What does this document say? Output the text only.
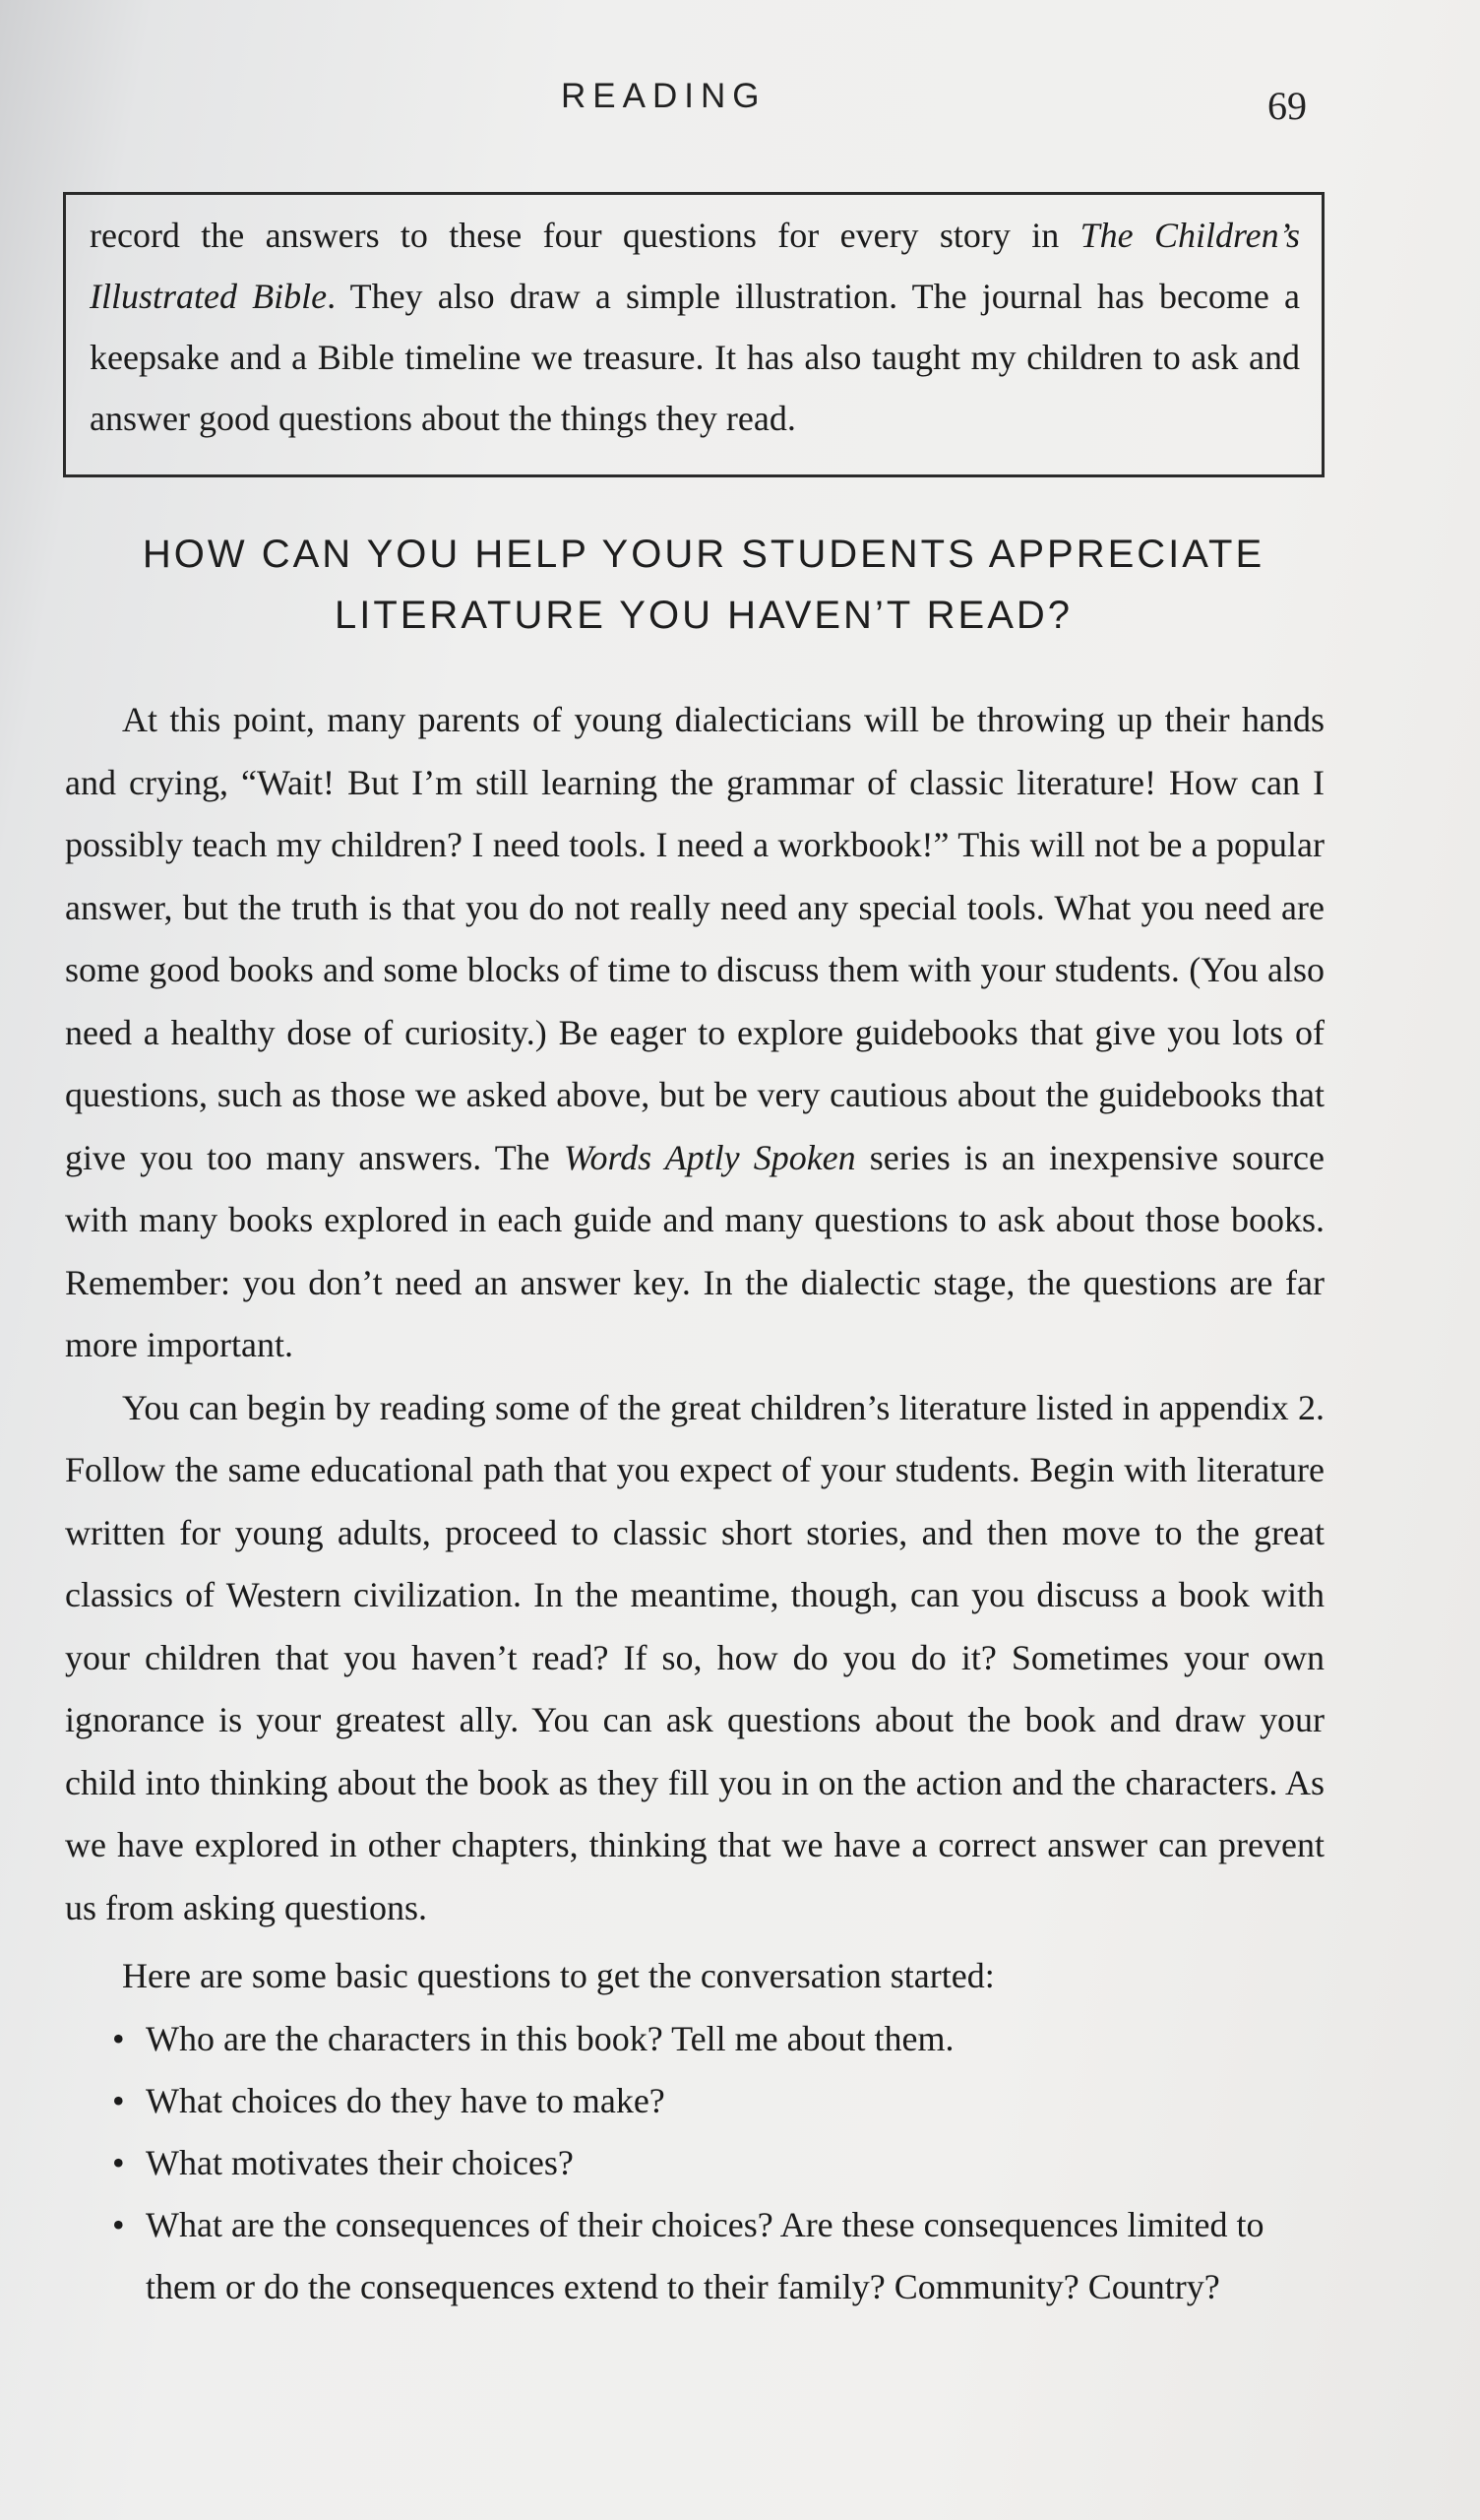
READING	69

record the answers to these four questions for every story in The Children’s Illustrated Bible. They also draw a simple illustration. The journal has become a keepsake and a Bible timeline we treasure. It has also taught my children to ask and answer good questions about the things they read.

HOW CAN YOU HELP YOUR STUDENTS APPRECIATE
LITERATURE YOU HAVEN’T READ?

At this point, many parents of young dialecticians will be throwing up their hands and crying, “Wait! But I’m still learning the grammar of classic literature! How can I possibly teach my children? I need tools. I need a workbook!” This will not be a popular answer, but the truth is that you do not really need any special tools. What you need are some good books and some blocks of time to discuss them with your students. (You also need a healthy dose of curiosity.) Be eager to explore guidebooks that give you lots of questions, such as those we asked above, but be very cautious about the guidebooks that give you too many answers. The Words Aptly Spoken series is an inexpensive source with many books explored in each guide and many questions to ask about those books. Remember: you don’t need an answer key. In the dialectic stage, the questions are far more important.

You can begin by reading some of the great children’s literature listed in appendix 2. Follow the same educational path that you expect of your students. Begin with literature written for young adults, proceed to classic short stories, and then move to the great classics of Western civilization. In the meantime, though, can you discuss a book with your children that you haven’t read? If so, how do you do it? Sometimes your own ignorance is your greatest ally. You can ask questions about the book and draw your child into thinking about the book as they fill you in on the action and the characters. As we have explored in other chapters, thinking that we have a correct answer can prevent us from asking questions.

Here are some basic questions to get the conversation started:

• Who are the characters in this book? Tell me about them.
• What choices do they have to make?
• What motivates their choices?
• What are the consequences of their choices? Are these consequences limited to them or do the consequences extend to their family? Community? Country?
